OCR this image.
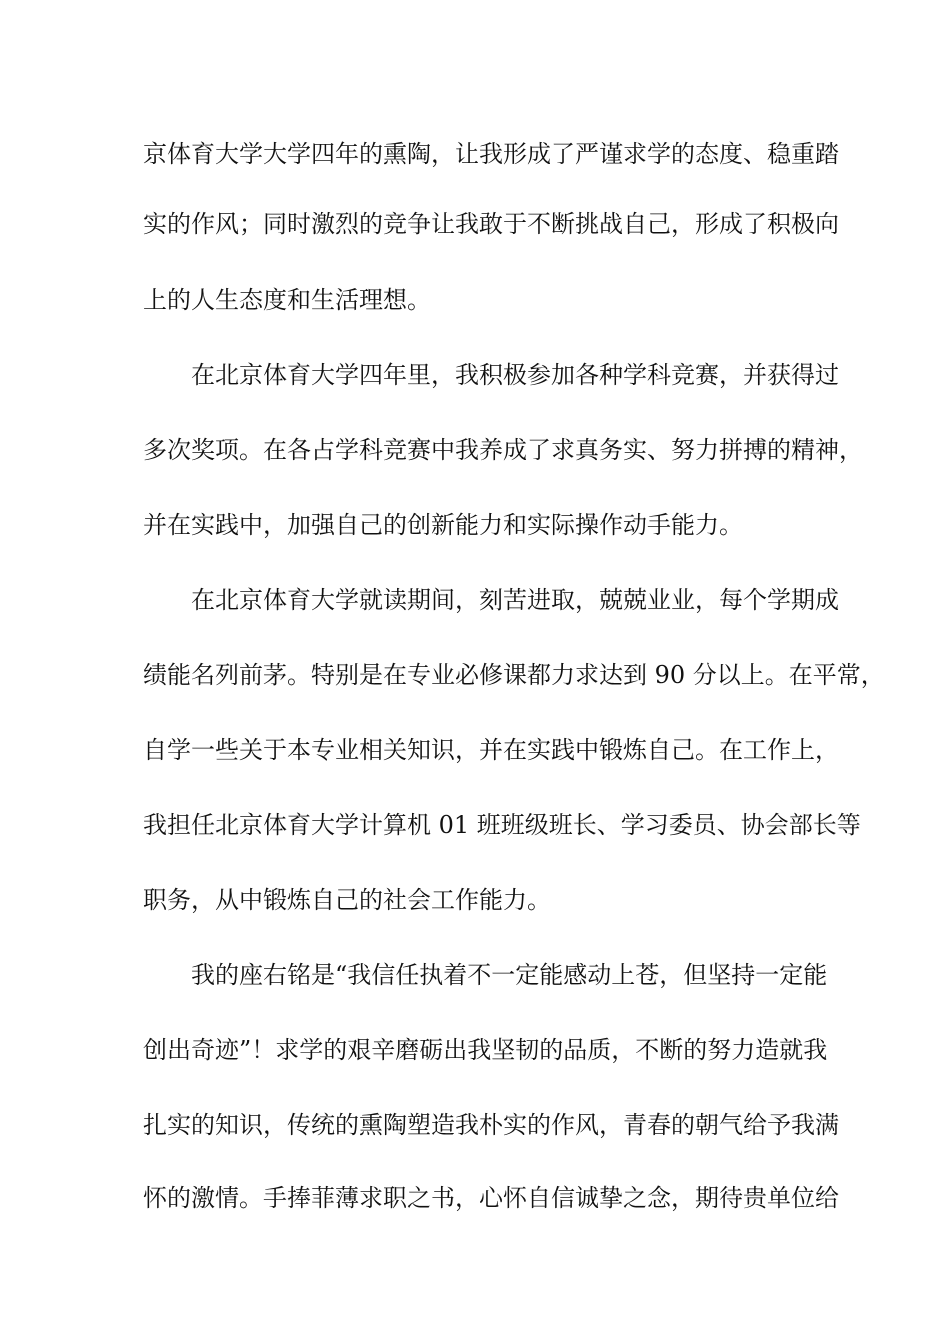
京体育大学大学四年的熏陶，让我形成了严谨求学的态度、稳重踏
实的作风；同时激烈的竞争让我敢于不断挑战自己，形成了积极向
上的人生态度和生活理想。
在北京体育大学四年里，我积极参加各种学科竞赛，并获得过
多次奖项。在各占学科竞赛中我养成了求真务实、努力拼搏的精神，
并在实践中，加强自己的创新能力和实际操作动手能力。
在北京体育大学就读期间，刻苦进取，兢兢业业，每个学期成
绩能名列前茅。特别是在专业必修课都力求达到 90 分以上。在平常，
自学一些关于本专业相关知识，并在实践中锻炼自己。在工作上，
我担任北京体育大学计算机 01 班班级班长、学习委员、协会部长等
职务，从中锻炼自己的社会工作能力。
我的座右铭是“我信任执着不一定能感动上苍，但坚持一定能
创出奇迹”！求学的艰辛磨砺出我坚韧的品质，不断的努力造就我
扎实的知识，传统的熏陶塑造我朴实的作风，青春的朝气给予我满
怀的激情。手捧菲薄求职之书，心怀自信诚挚之念，期待贵单位给
